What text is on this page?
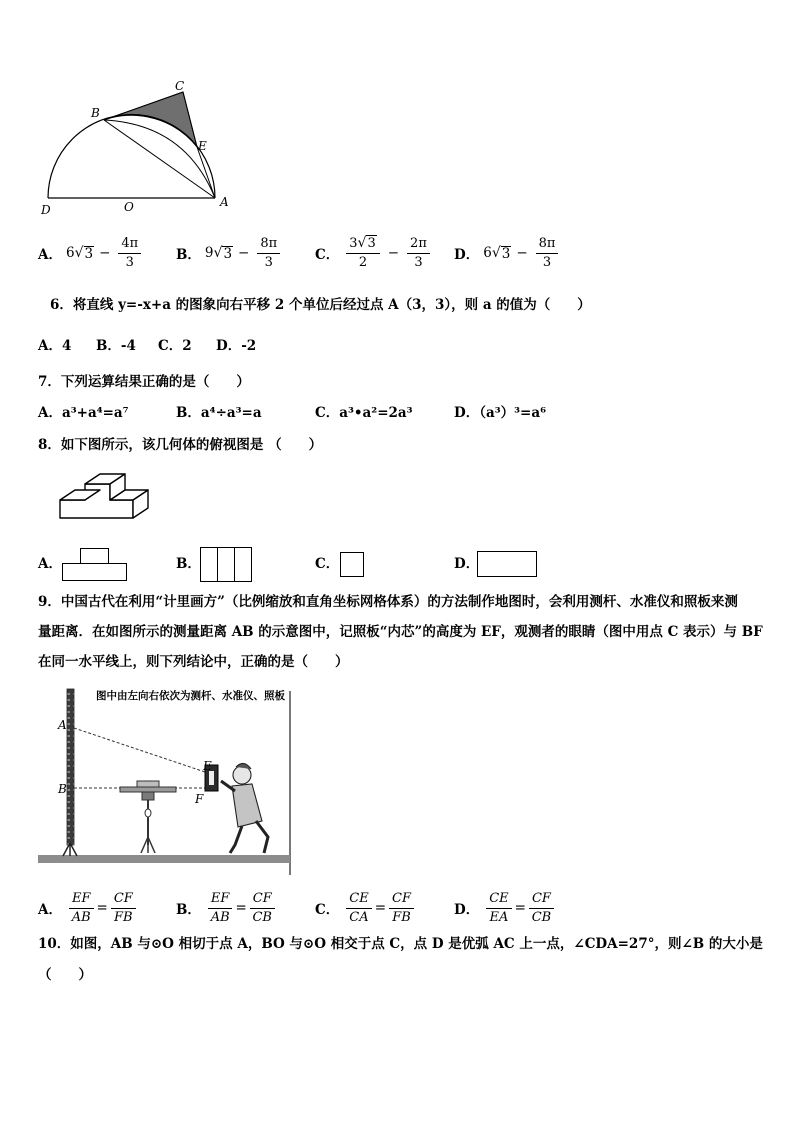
B
C
E
D	O	A
A． 6 √ $3 - \frac{4\pi}{3}$	B． 9 √ $3 - \frac{8\pi}{3}$	C． $\frac{3√3}{2} - \frac{2\pi}{3}$ D． 6 √ $3 - \frac{8\pi}{3}$
6．将直线 y=-x+a 的图象向右平移 2 个单位后经过点 A（3，3），则 a 的值为（　　）
A．4 B．-4 C．2 D．-2
7．下列运算结果正确的是（　　）
A．a³+a⁴=a⁷	B．a⁴÷a³=a	C．a³•a²=2a³	D．（a³）³=a⁶
8．如下图所示，该几何体的俯视图是 （　　）
A．	B．	C．	D．
9．中国古代在利用“计里画方”（比例缩放和直角坐标网格体系）的方法制作地图时，会利用测杆、水准仪和照板来测
量距离．在如图所示的测量距离 AB 的示意图中，记照板“内芯”的高度为 EF，观测者的眼睛（图中用点 C 表示）与 BF
在同一水平线上，则下列结论中，正确的是（　　）
图中由左向右依次为测杆、水准仪、照板
A
B
E
F
A． $\frac{EF}{AB} = \frac{CF}{FB}$	B． $\frac{EF}{AB} = \frac{CF}{CB}$	C． $\frac{CE}{CA} = \frac{CF}{FB}$	D． $\frac{CE}{EA} = \frac{CF}{CB}$
10．如图，AB 与⊙O 相切于点 A，BO 与⊙O 相交于点 C，点 D 是优弧 AC 上一点，∠CDA=27°，则∠B 的大小是
（　　）
